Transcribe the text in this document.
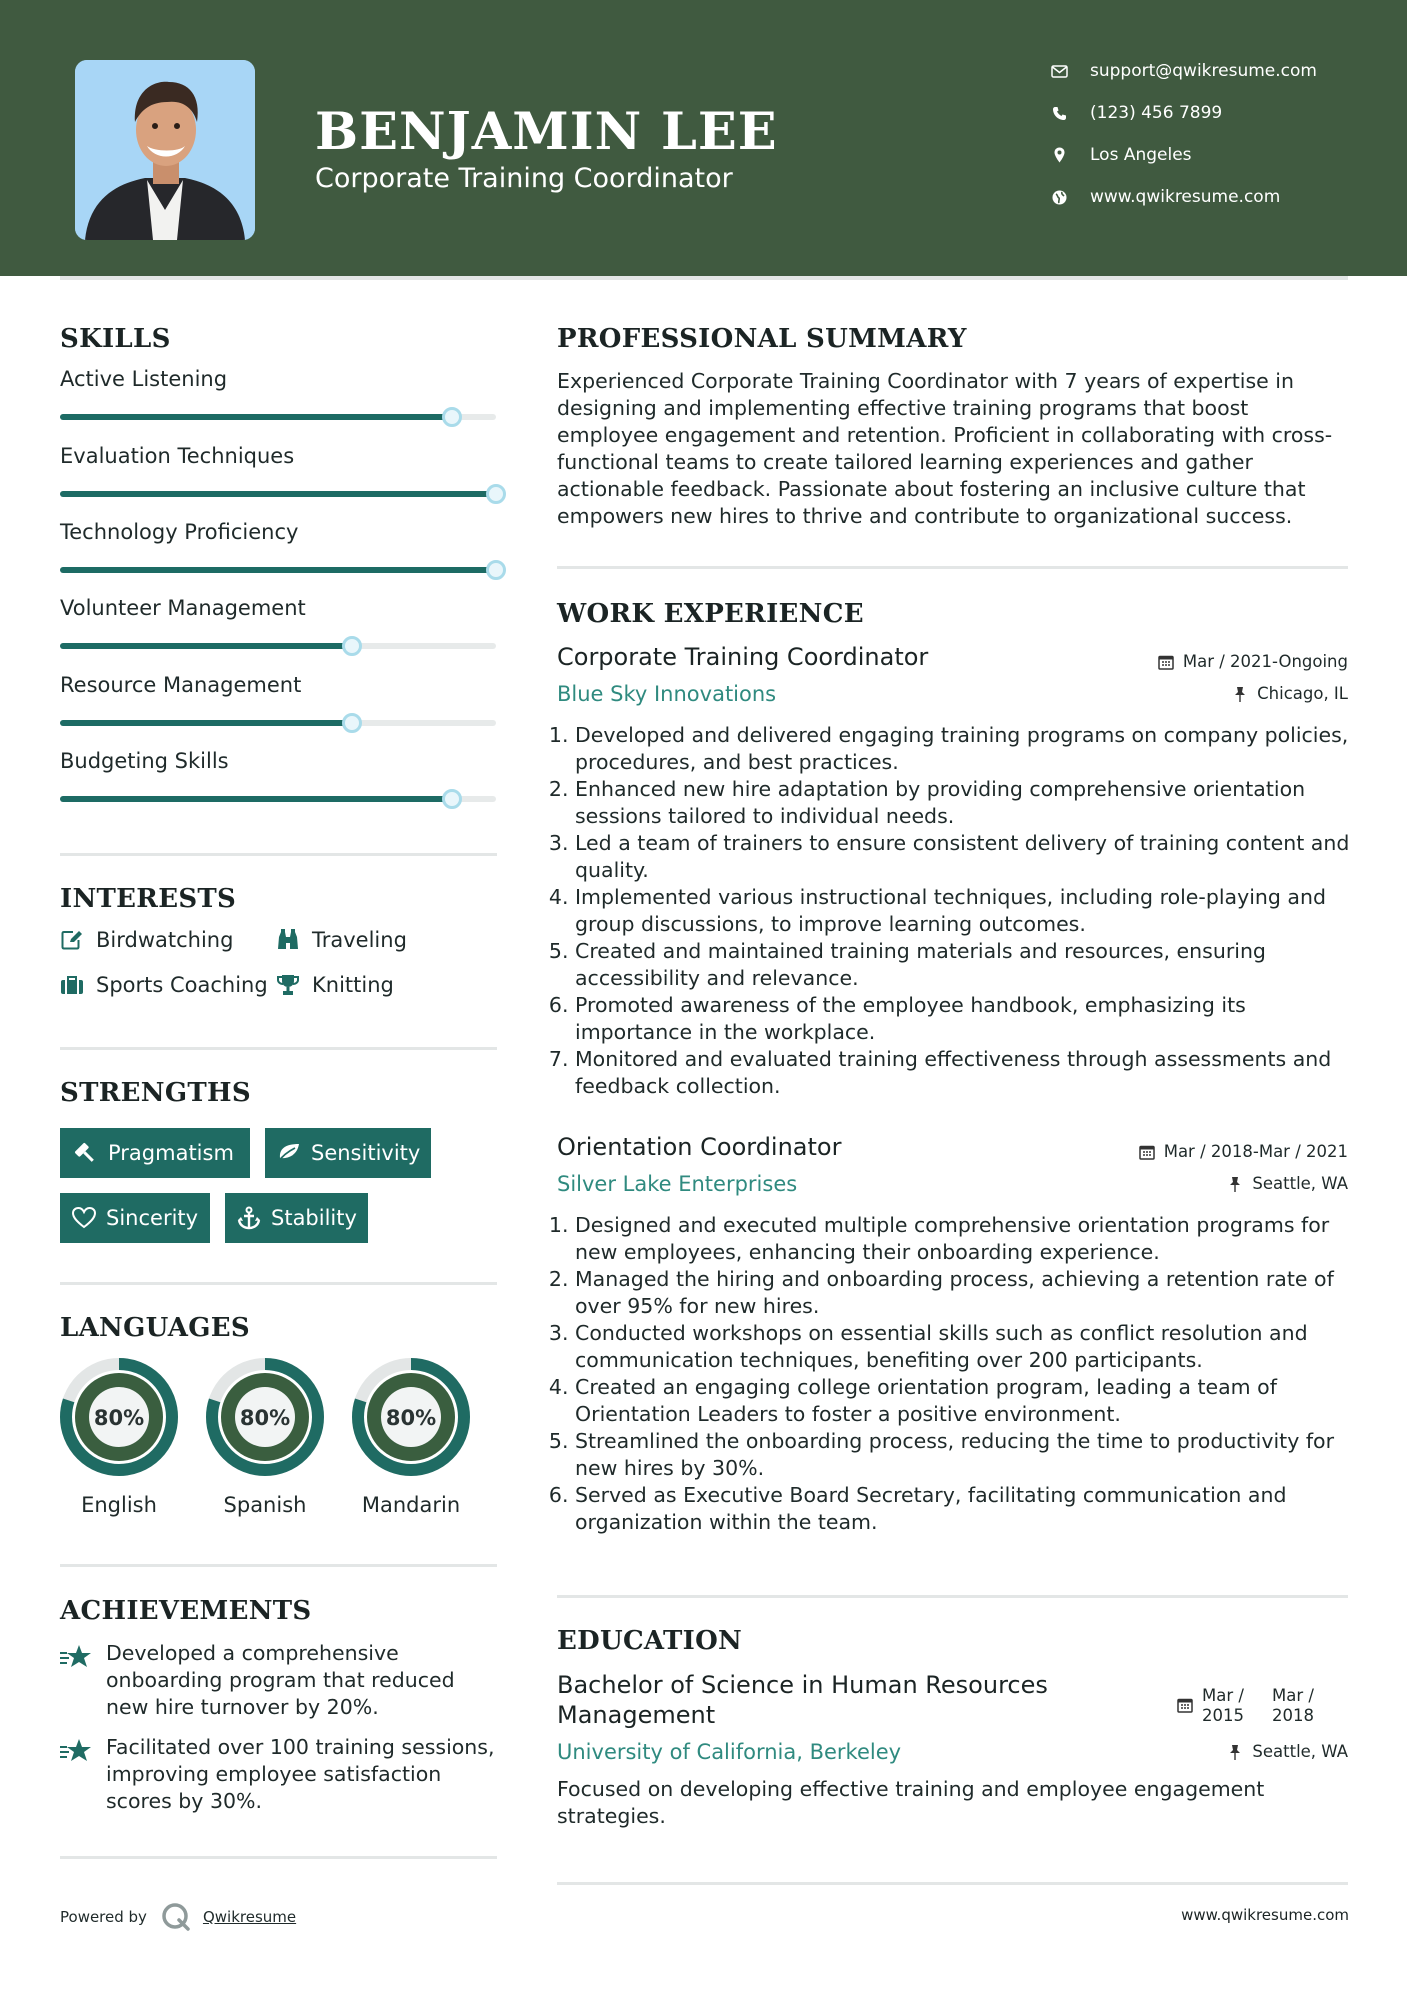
BENJAMIN LEE
Corporate Training Coordinator
support@qwikresume.com
(123) 456 7899
Los Angeles
www.qwikresume.com
SKILLS
Active Listening
Evaluation Techniques
Technology Proficiency
Volunteer Management
Resource Management
Budgeting Skills
INTERESTS
Birdwatching	Traveling
Sports Coaching Knitting
STRENGTHS
Pragmatism	Sensitivity
Sincerity	Stability
LANGUAGES
80%	80%	80%
English	Spanish	Mandarin
ACHIEVEMENTS
Developed a comprehensive onboarding program that reduced new hire turnover by 20%.
Facilitated over 100 training sessions, improving employee satisfaction scores by 30%.
PROFESSIONAL SUMMARY
Experienced Corporate Training Coordinator with 7 years of expertise in designing and implementing effective training programs that boost employee engagement and retention. Proficient in collaborating with cross-functional teams to create tailored learning experiences and gather actionable feedback. Passionate about fostering an inclusive culture that empowers new hires to thrive and contribute to organizational success.
WORK EXPERIENCE
Corporate Training Coordinator	Mar / 2021-Ongoing
Blue Sky Innovations	Chicago, IL
1. Developed and delivered engaging training programs on company policies, procedures, and best practices.
2. Enhanced new hire adaptation by providing comprehensive orientation sessions tailored to individual needs.
3. Led a team of trainers to ensure consistent delivery of training content and quality.
4. Implemented various instructional techniques, including role-playing and group discussions, to improve learning outcomes.
5. Created and maintained training materials and resources, ensuring accessibility and relevance.
6. Promoted awareness of the employee handbook, emphasizing its importance in the workplace.
7. Monitored and evaluated training effectiveness through assessments and feedback collection.
Orientation Coordinator	Mar / 2018-Mar / 2021
Silver Lake Enterprises	Seattle, WA
1. Designed and executed multiple comprehensive orientation programs for new employees, enhancing their onboarding experience.
2. Managed the hiring and onboarding process, achieving a retention rate of over 95% for new hires.
3. Conducted workshops on essential skills such as conflict resolution and communication techniques, benefiting over 200 participants.
4. Created an engaging college orientation program, leading a team of Orientation Leaders to foster a positive environment.
5. Streamlined the onboarding process, reducing the time to productivity for new hires by 30%.
6. Served as Executive Board Secretary, facilitating communication and organization within the team.
EDUCATION
Bachelor of Science in Human Resources
Management
Mar /
2015
Mar /
2018
University of California, Berkeley	Seattle, WA
Focused on developing effective training and employee engagement strategies.
Powered by	Qwikresume	www.qwikresume.com
